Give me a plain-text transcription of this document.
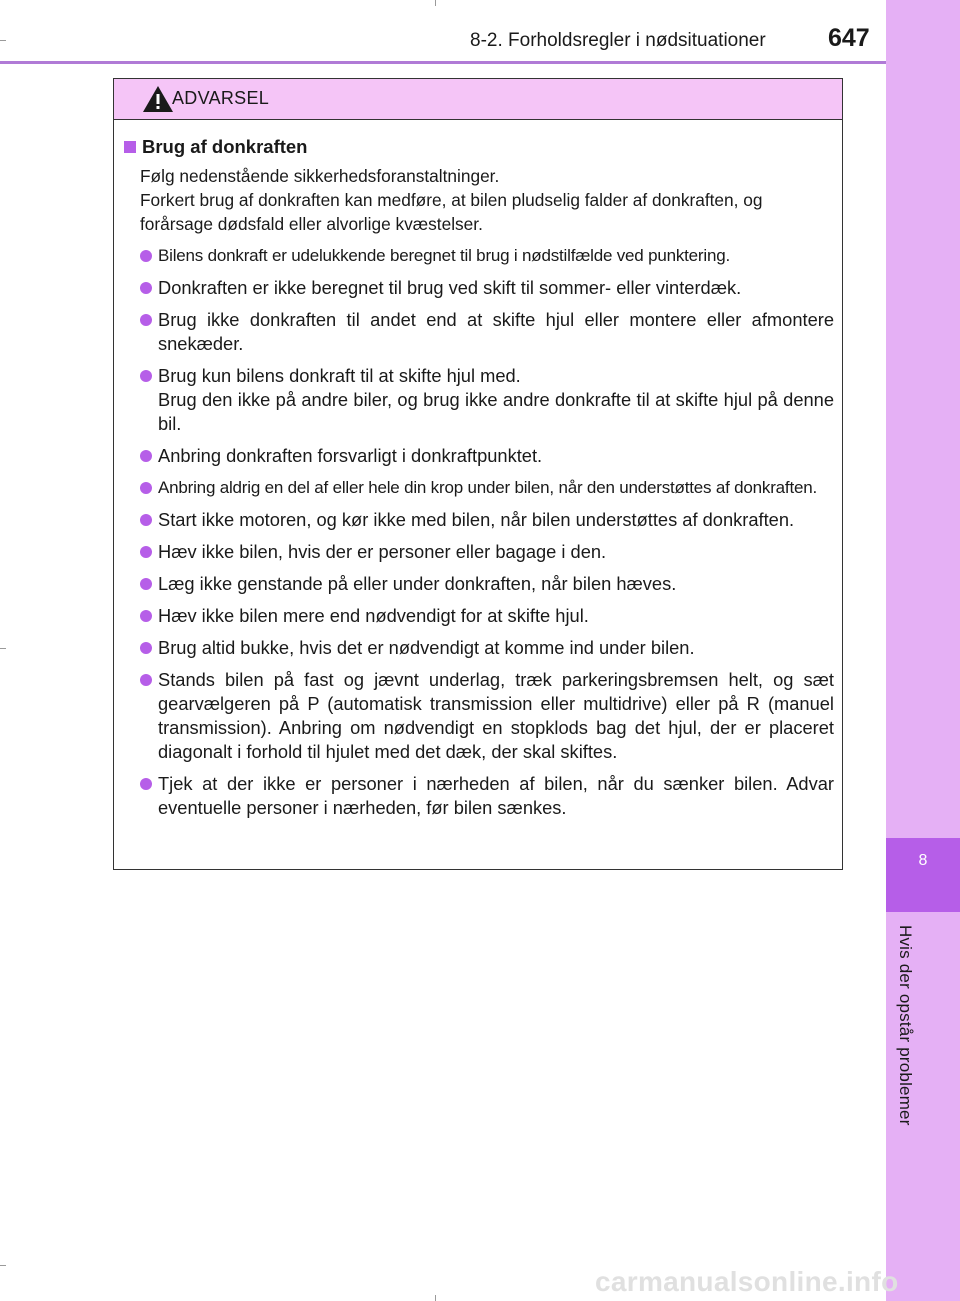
8-2. Forholdsregler i nødsituationer 647
8
Hvis der opstår problemer
ADVARSEL
Brug af donkraften
Følg nedenstående sikkerhedsforanstaltninger.
Forkert brug af donkraften kan medføre, at bilen pludselig falder af donkraften, og forårsage dødsfald eller alvorlige kvæstelser.
Bilens donkraft er udelukkende beregnet til brug i nødstilfælde ved punktering.
Donkraften er ikke beregnet til brug ved skift til sommer- eller vinterdæk.
Brug ikke donkraften til andet end at skifte hjul eller montere eller afmontere snekæder.
Brug kun bilens donkraft til at skifte hjul med.
Brug den ikke på andre biler, og brug ikke andre donkrafte til at skifte hjul på denne bil.
Anbring donkraften forsvarligt i donkraftpunktet.
Anbring aldrig en del af eller hele din krop under bilen, når den understøttes af donkraften.
Start ikke motoren, og kør ikke med bilen, når bilen understøttes af donkraften.
Hæv ikke bilen, hvis der er personer eller bagage i den.
Læg ikke genstande på eller under donkraften, når bilen hæves.
Hæv ikke bilen mere end nødvendigt for at skifte hjul.
Brug altid bukke, hvis det er nødvendigt at komme ind under bilen.
Stands bilen på fast og jævnt underlag, træk parkeringsbremsen helt, og sæt gearvælgeren på P (automatisk transmission eller multidrive) eller på R (manuel transmission). Anbring om nødvendigt en stopklods bag det hjul, der er placeret diagonalt i forhold til hjulet med det dæk, der skal skiftes.
Tjek at der ikke er personer i nærheden af bilen, når du sænker bilen. Advar eventuelle personer i nærheden, før bilen sænkes.
carmanualsonline.info
